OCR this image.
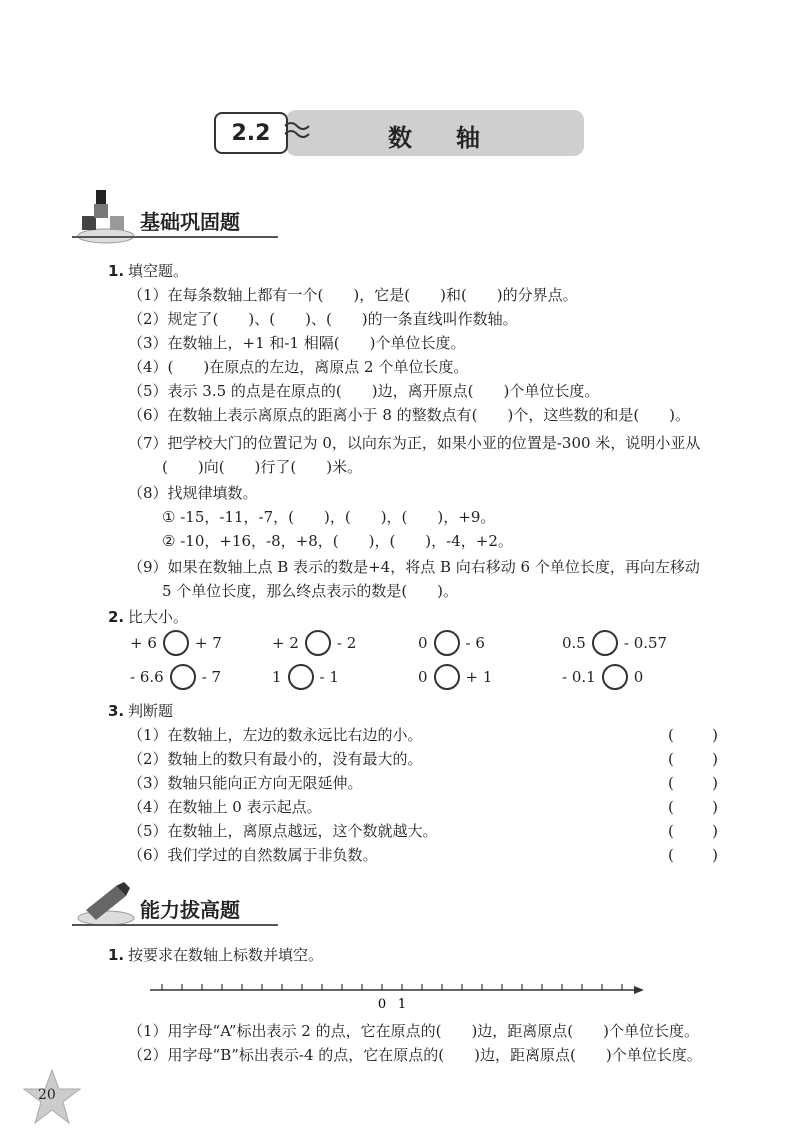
2.2	数轴
基础巩固题
1. 填空题。
（1）在每条数轴上都有一个(　　)，它是(　　)和(　　)的分界点。
（2）规定了(　　)、(　　)、(　　)的一条直线叫作数轴。
（3）在数轴上，+1 和-1 相隔(　　)个单位长度。
（4）(　　)在原点的左边，离原点 2 个单位长度。
（5）表示 3.5 的点是在原点的(　　)边，离开原点(　　)个单位长度。
（6）在数轴上表示离原点的距离小于 8 的整数点有(　　)个，这些数的和是(　　)。
（7）把学校大门的位置记为 0，以向东为正，如果小亚的位置是-300 米，说明小亚从
(　　)向(　　)行了(　　)米。
（8）找规律填数。
① -15，-11，-7，(　　)，(　　)，(　　)，+9。
② -10，+16，-8，+8，(　　)，(　　)，-4，+2。
（9）如果在数轴上点 B 表示的数是+4，将点 B 向右移动 6 个单位长度，再向左移动
5 个单位长度，那么终点表示的数是(　　)。
2. 比大小。
+ 6	+ 7	+ 2	- 2	0	- 6	0.5	- 0.57
- 6.6	- 7	1	- 1	0	+ 1	- 0.1	0
3. 判断题
（1）在数轴上，左边的数永远比右边的小。	(	)
（2）数轴上的数只有最小的，没有最大的。	(	)
（3）数轴只能向正方向无限延伸。	(	)
（4）在数轴上 0 表示起点。	(	)
（5）在数轴上，离原点越远，这个数就越大。	(	)
（6）我们学过的自然数属于非负数。	(	)
能力拔高题
1. 按要求在数轴上标数并填空。
0 1
（1）用字母“A”标出表示 2 的点，它在原点的(　　)边，距离原点(　　)个单位长度。
（2）用字母“B”标出表示-4 的点，它在原点的(　　)边，距离原点(　　)个单位长度。
20
